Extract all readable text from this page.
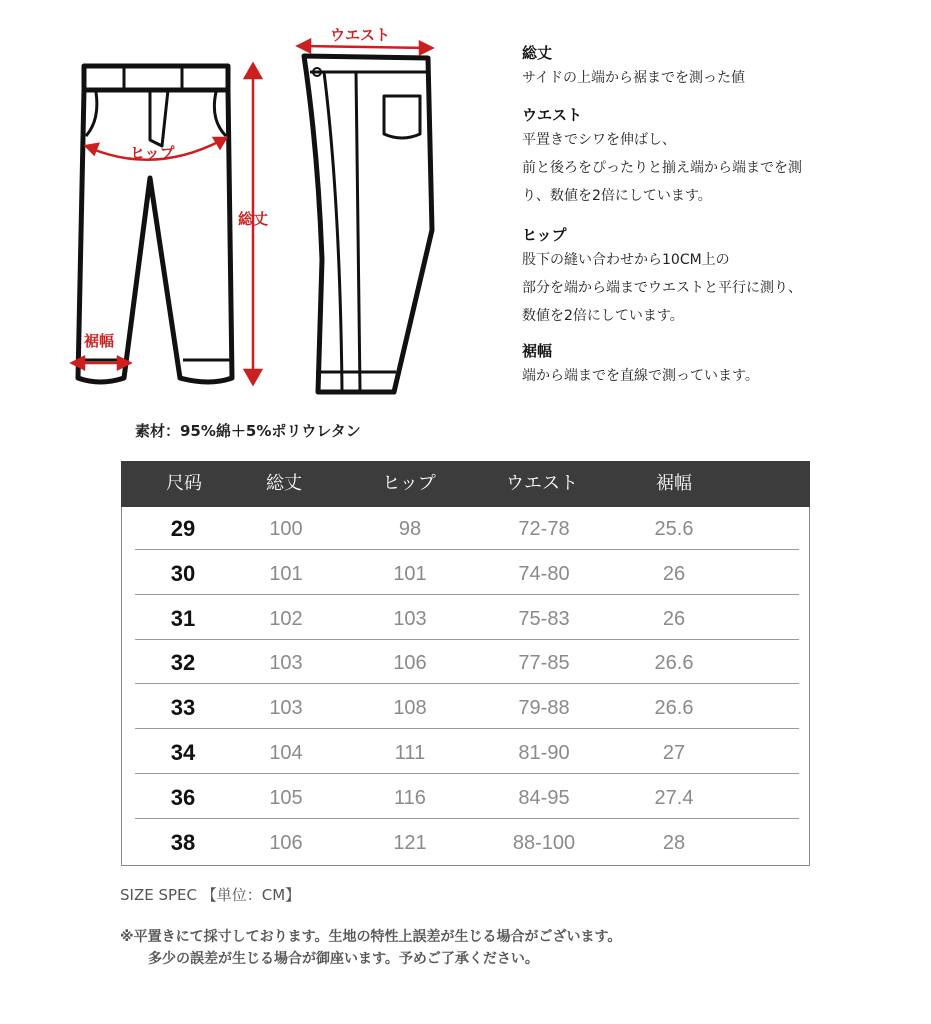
ヒップ
総丈
裾幅
ウエスト

総丈

サイドの上端から裾までを測った値

ウエスト

平置きでシワを伸ばし、

前と後ろをぴったりと揃え端から端までを測

り、数値を2倍にしています。

ヒップ

股下の縫い合わせから10CM上の

部分を端から端までウエストと平行に測り、

数値を2倍にしています。

裾幅

端から端までを直線で測っています。

素材：95%綿＋5%ポリウレタン
尺码	総丈	ヒップ	ウエスト	裾幅
29	100	98	72-78	25.6
30	101	101	74-80	26
31	102	103	75-83	26
32	103	106	77-85	26.6
33	103	108	79-88	26.6
34	104	111	81-90	27
36	105	116	84-95	27.4
38	106	121	88-100	28
SIZE SPEC 【単位：CM】
※平置きにて採寸しております。生地の特性上誤差が生じる場合がございます。
多少の誤差が生じる場合が御座います。予めご了承ください。
